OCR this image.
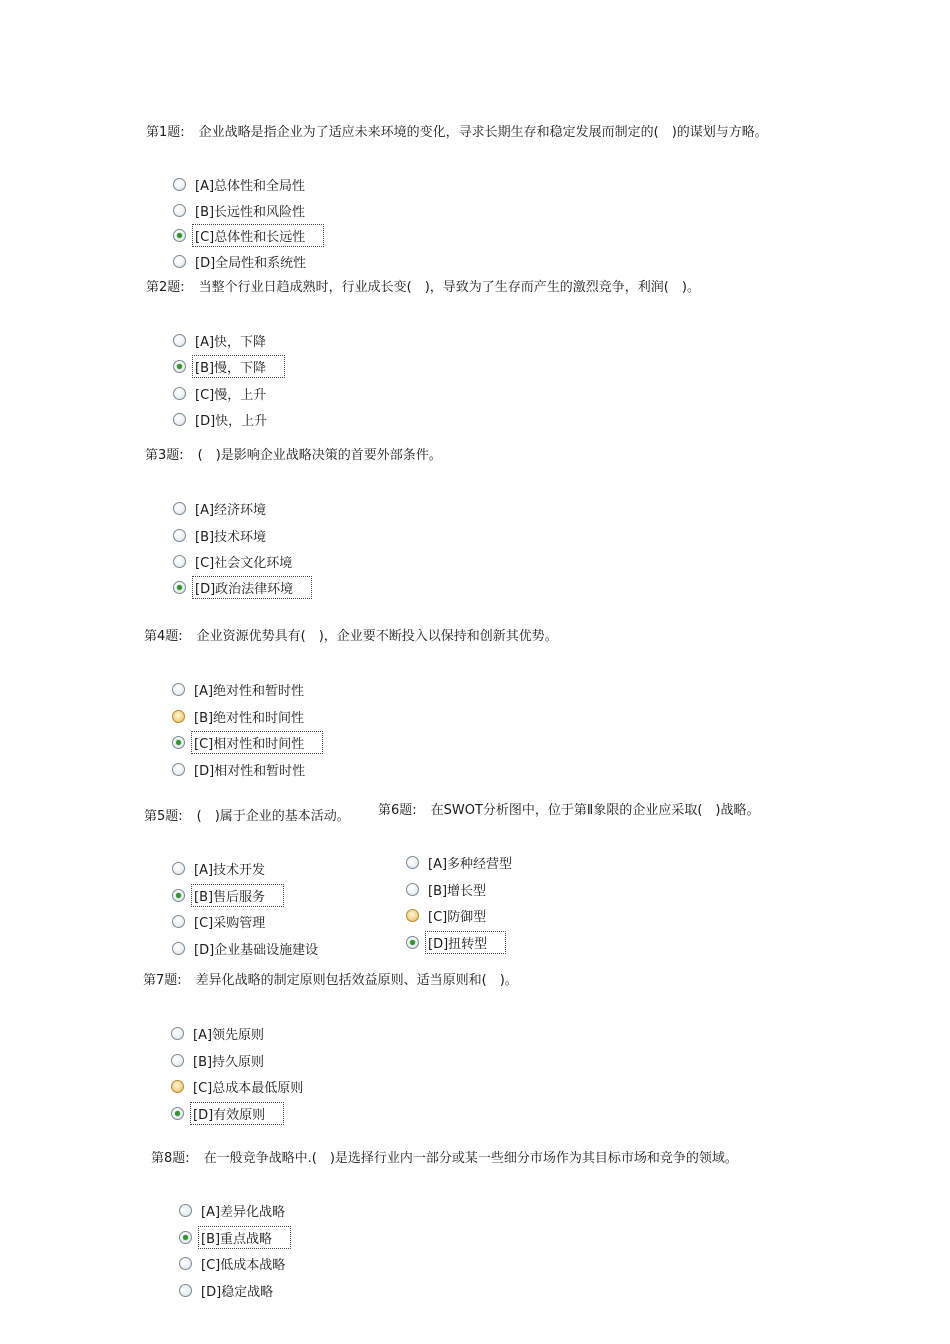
第1题: 企业战略是指企业为了适应未来环境的变化，寻求长期生存和稳定发展而制定的(　)的谋划与方略。
[A]总体性和全局性
[B]长远性和风险性
[C]总体性和长远性
[D]全局性和系统性
第2题: 当整个行业日趋成熟时，行业成长变(　)，导致为了生存而产生的激烈竞争，利润(　)。
[A]快，下降
[B]慢，下降
[C]慢，上升
[D]快，上升
第3题: (　)是影响企业战略决策的首要外部条件。
[A]经济环境
[B]技术环境
[C]社会文化环境
[D]政治法律环境
第4题: 企业资源优势具有(　)，企业要不断投入以保持和创新其优势。
[A]绝对性和暂时性
[B]绝对性和时间性
[C]相对性和时间性
[D]相对性和暂时性
第5题: (　)属于企业的基本活动。
[A]技术开发
[B]售后服务
[C]采购管理
[D]企业基础设施建设
第6题: 在SWOT分析图中，位于第Ⅱ象限的企业应采取(　)战略。
[A]多种经营型
[B]增长型
[C]防御型
[D]扭转型
第7题: 差异化战略的制定原则包括效益原则、适当原则和(　)。
[A]领先原则
[B]持久原则
[C]总成本最低原则
[D]有效原则
第8题: 在一般竞争战略中.(　)是选择行业内一部分或某一些细分市场作为其目标市场和竞争的领域。
[A]差异化战略
[B]重点战略
[C]低成本战略
[D]稳定战略
